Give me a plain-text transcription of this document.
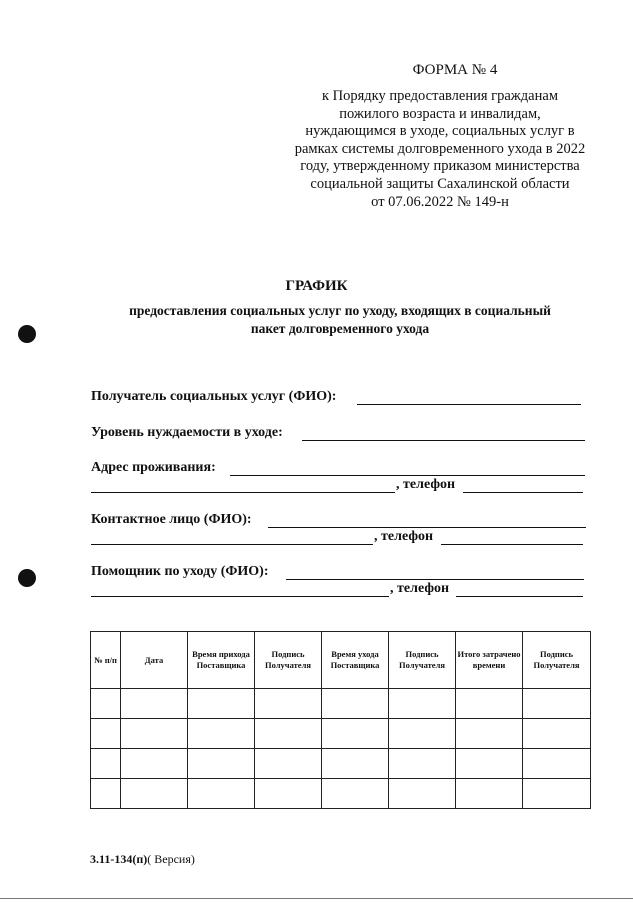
ФОРМА № 4
к Порядку предоставления гражданам
пожилого возраста и инвалидам,
нуждающимся в уходе, социальных услуг в
рамках системы долговременного ухода в 2022
году, утвержденному приказом министерства
социальной защиты Сахалинской области
от 07.06.2022 № 149-н
ГРАФИК
предоставления социальных услуг по уходу, входящих в социальный
пакет долговременного ухода
Получатель социальных услуг (ФИО):
Уровень нуждаемости в уходе:
Адрес проживания:
, телефон
Контактное лицо (ФИО):
, телефон
Помощник по уходу (ФИО):
, телефон
№ п/п	Дата	Время прихода Поставщика	Подпись Получателя	Время ухода Поставщика	Подпись Получателя	Итого затрачено времени	Подпись Получателя

3.11-134(п)( Версия)
